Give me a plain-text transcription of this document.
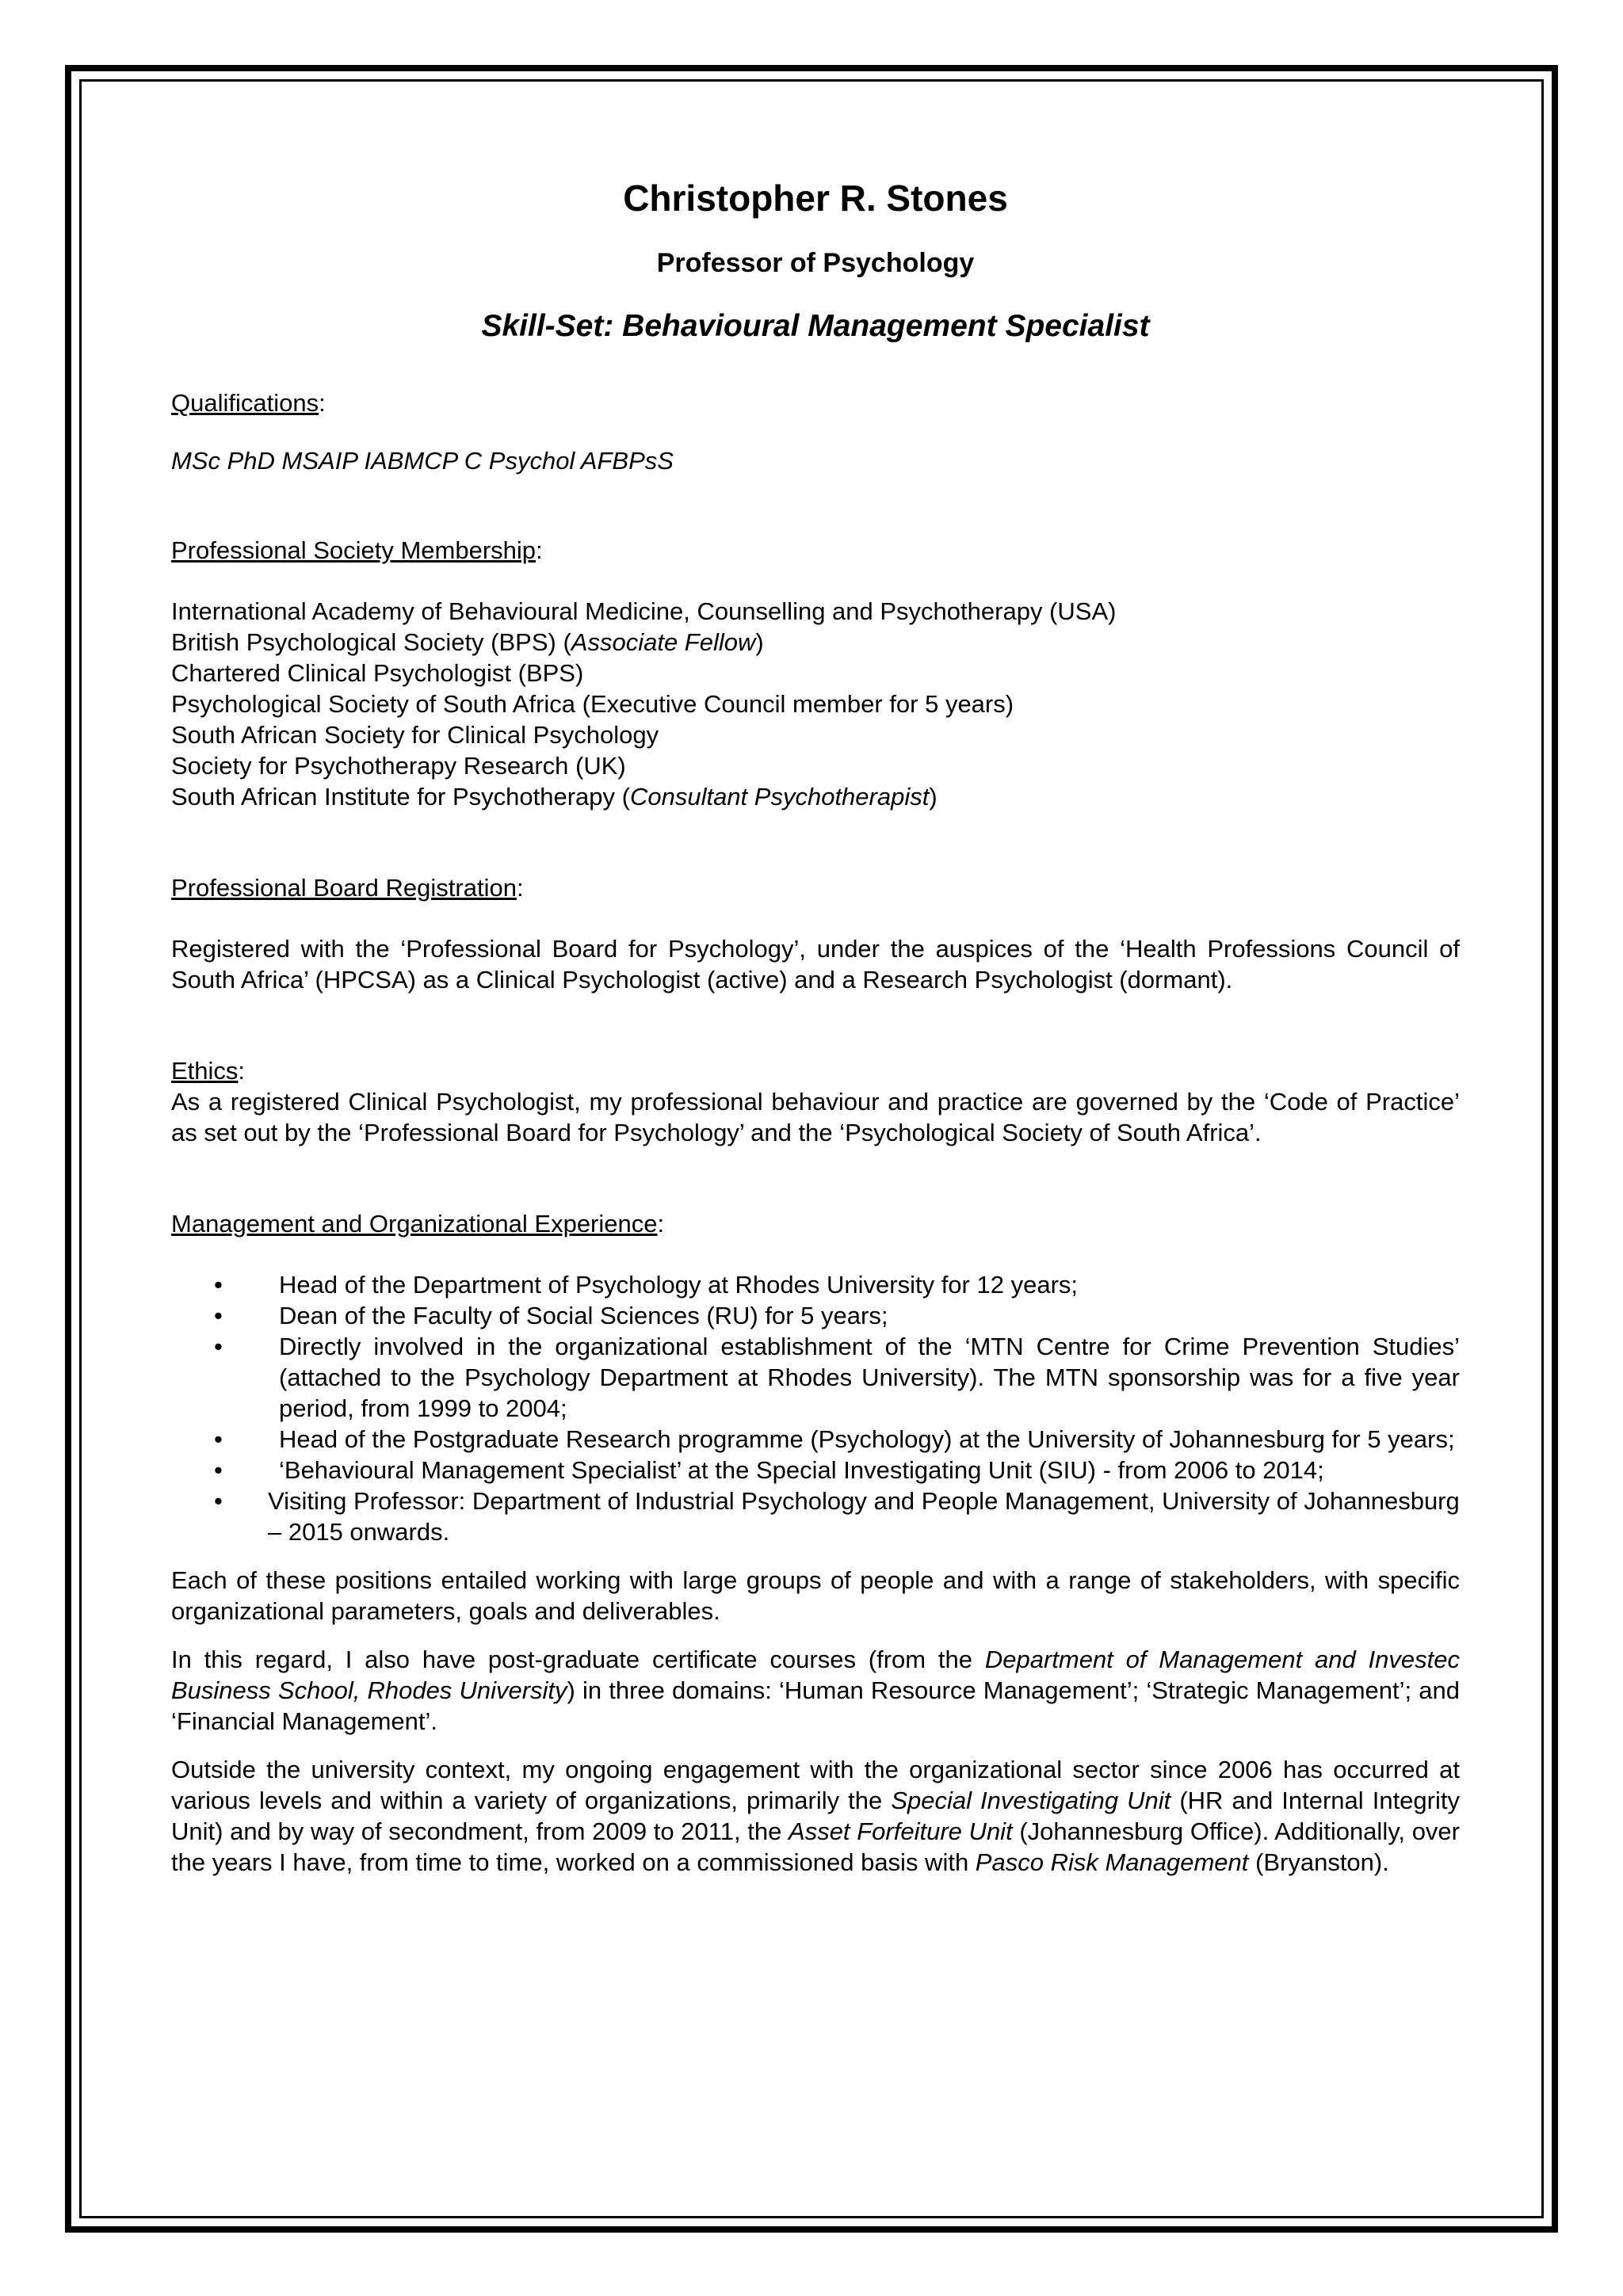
Christopher R. Stones
Professor of Psychology
Skill-Set: Behavioural Management Specialist
Qualifications:
MSc PhD MSAIP IABMCP C Psychol AFBPsS
Professional Society Membership:
International Academy of Behavioural Medicine, Counselling and Psychotherapy (USA)
British Psychological Society (BPS) (Associate Fellow)
Chartered Clinical Psychologist (BPS)
Psychological Society of South Africa (Executive Council member for 5 years)
South African Society for Clinical Psychology
Society for Psychotherapy Research (UK)
South African Institute for Psychotherapy (Consultant Psychotherapist)
Professional Board Registration:
Registered with the ‘Professional Board for Psychology’, under the auspices of the ‘Health Professions Council of South Africa’ (HPCSA) as a Clinical Psychologist (active) and a Research Psychologist (dormant).
Ethics:
As a registered Clinical Psychologist, my professional behaviour and practice are governed by the ‘Code of Practice’ as set out by the ‘Professional Board for Psychology’ and the ‘Psychological Society of South Africa’.
Management and Organizational Experience:
• Head of the Department of Psychology at Rhodes University for 12 years;
• Dean of the Faculty of Social Sciences (RU) for 5 years;
• Directly involved in the organizational establishment of the ‘MTN Centre for Crime Prevention Studies’ (attached to the Psychology Department at Rhodes University). The MTN sponsorship was for a five year period, from 1999 to 2004;
• Head of the Postgraduate Research programme (Psychology) at the University of Johannesburg for 5 years;
• ‘Behavioural Management Specialist’ at the Special Investigating Unit (SIU) - from 2006 to 2014;
• Visiting Professor: Department of Industrial Psychology and People Management, University of Johannesburg – 2015 onwards.
Each of these positions entailed working with large groups of people and with a range of stakeholders, with specific organizational parameters, goals and deliverables.
In this regard, I also have post-graduate certificate courses (from the Department of Management and Investec Business School, Rhodes University) in three domains: ‘Human Resource Management’; ‘Strategic Management’; and ‘Financial Management’.
Outside the university context, my ongoing engagement with the organizational sector since 2006 has occurred at various levels and within a variety of organizations, primarily the Special Investigating Unit (HR and Internal Integrity Unit) and by way of secondment, from 2009 to 2011, the Asset Forfeiture Unit (Johannesburg Office). Additionally, over the years I have, from time to time, worked on a commissioned basis with Pasco Risk Management (Bryanston).
